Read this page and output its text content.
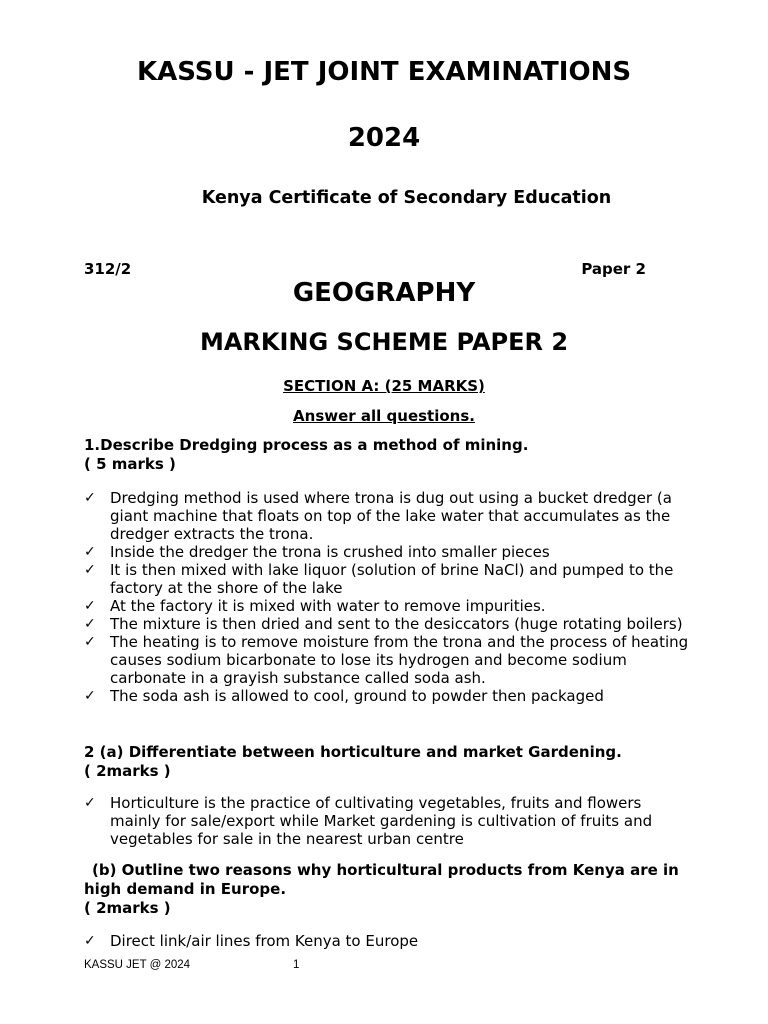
KASSU - JET JOINT EXAMINATIONS
2024
Kenya Certificate of Secondary Education
312/2	Paper 2
GEOGRAPHY
MARKING SCHEME PAPER 2
SECTION A: (25 MARKS)
Answer all questions.
1.Describe Dredging process as a method of mining.
( 5 marks )
✓ Dredging method is used where trona is dug out using a bucket dredger (a giant machine that floats on top of the lake water that accumulates as the dredger extracts the trona.
✓ Inside the dredger the trona is crushed into smaller pieces
✓ It is then mixed with lake liquor (solution of brine NaCl) and pumped to the factory at the shore of the lake
✓ At the factory it is mixed with water to remove impurities.
✓ The mixture is then dried and sent to the desiccators (huge rotating boilers)
✓ The heating is to remove moisture from the trona and the process of heating causes sodium bicarbonate to lose its hydrogen and become sodium carbonate in a grayish substance called soda ash.
✓ The soda ash is allowed to cool, ground to powder then packaged
2 (a) Differentiate between horticulture and market Gardening.
( 2marks )
✓ Horticulture is the practice of cultivating vegetables, fruits and flowers mainly for sale/export while Market gardening is cultivation of fruits and vegetables for sale in the nearest urban centre
(b) Outline two reasons why horticultural products from Kenya are in high demand in Europe.
( 2marks )
✓ Direct link/air lines from Kenya to Europe
KASSU JET @ 2024	1
